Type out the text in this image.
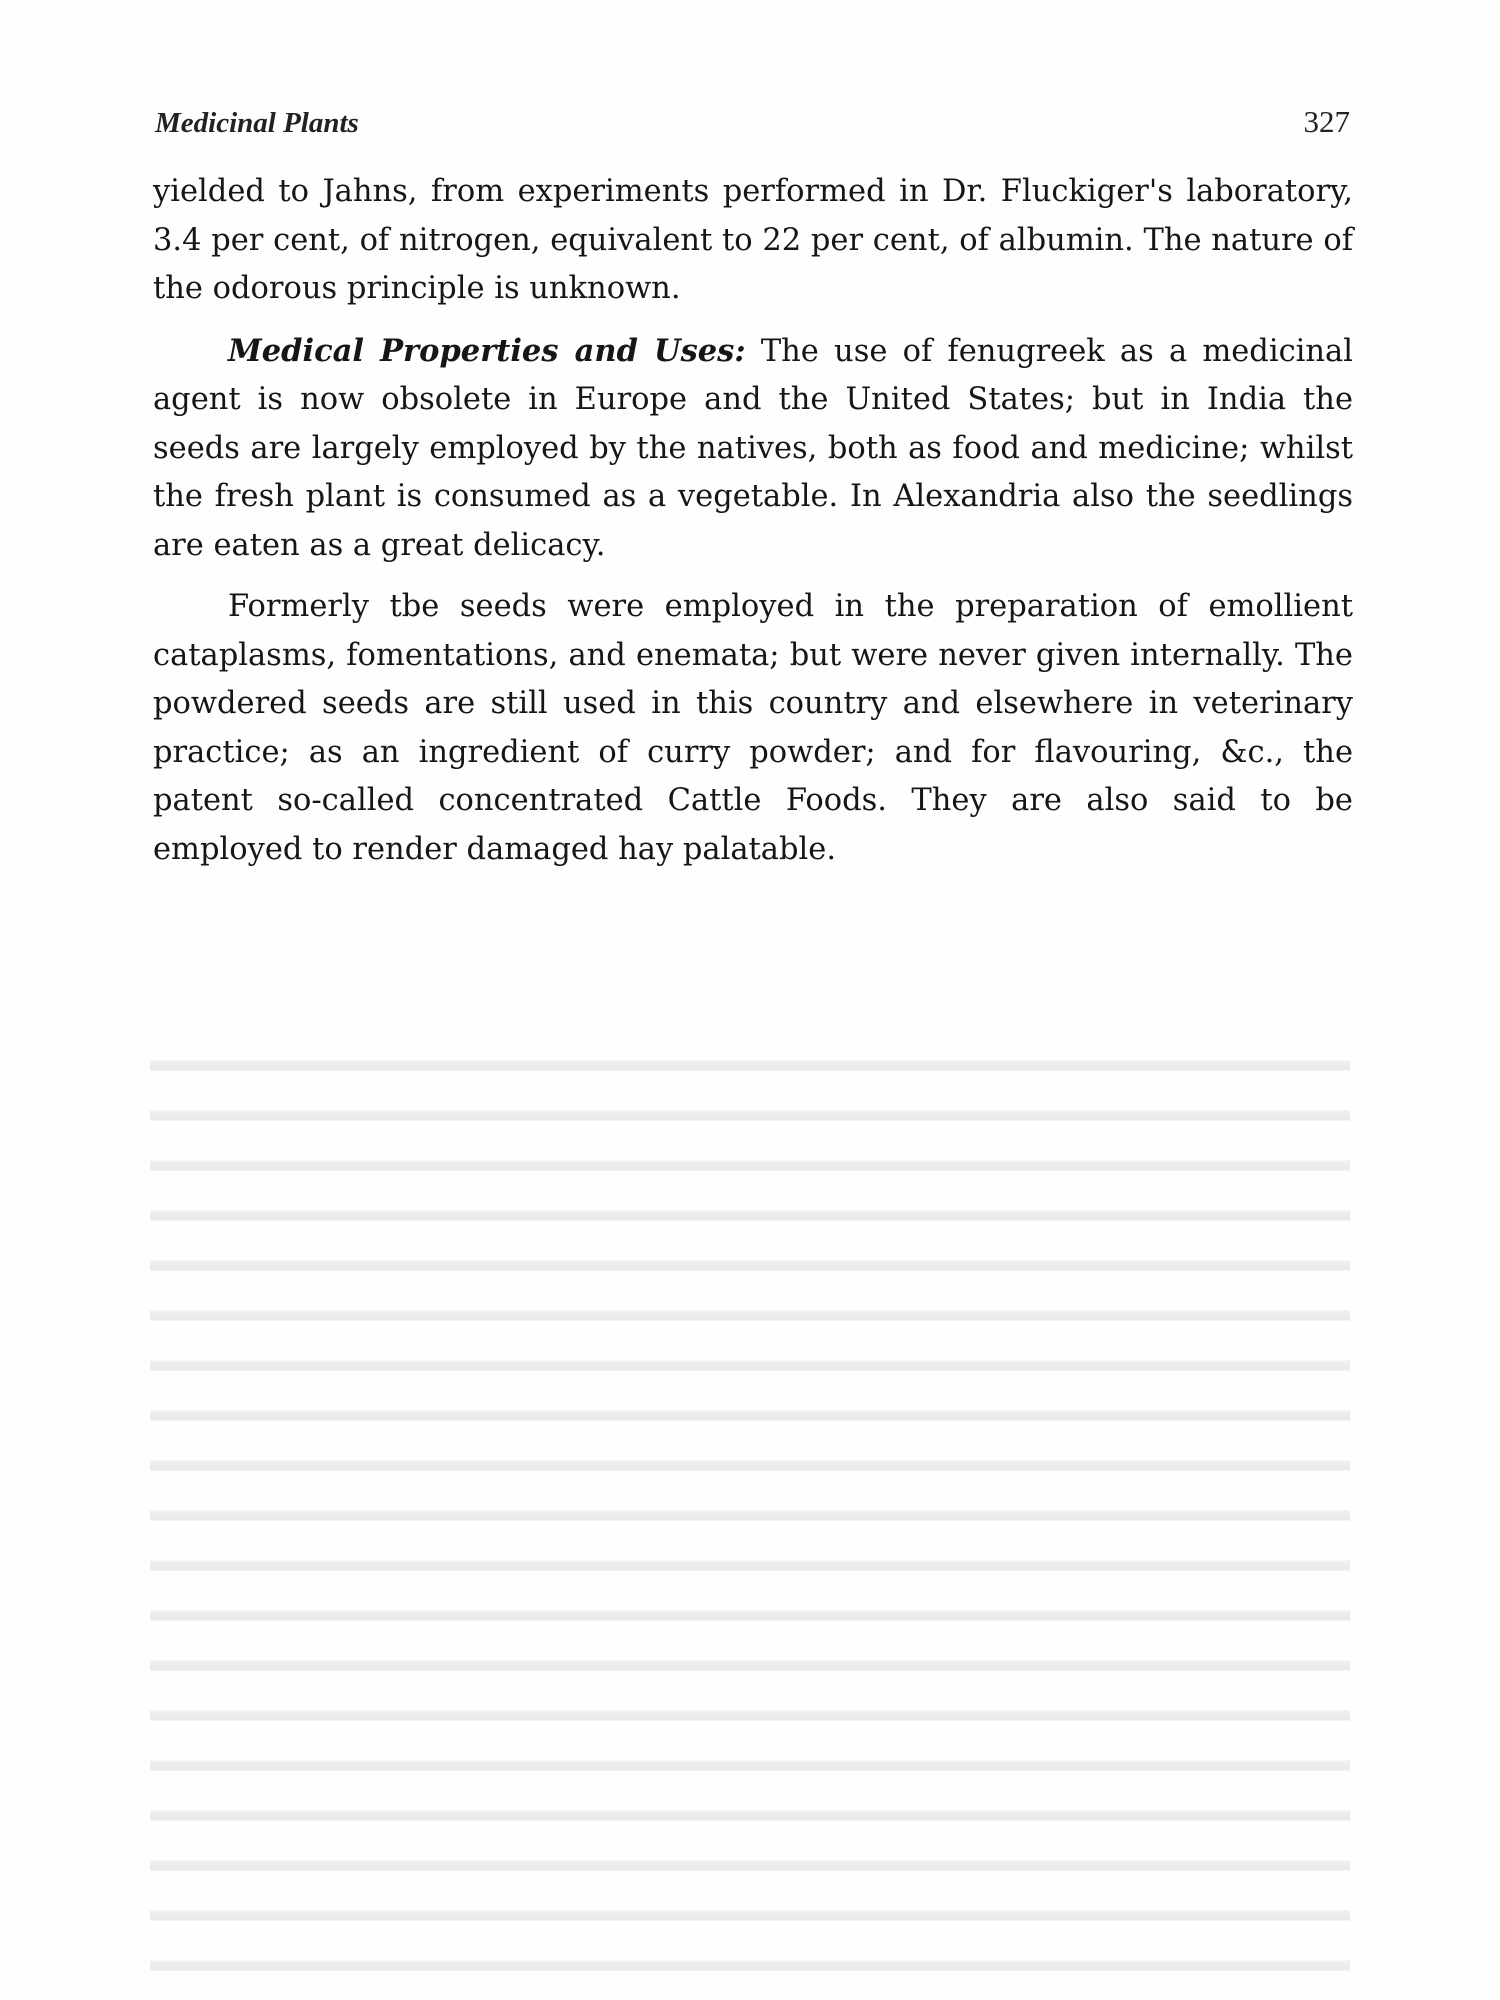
Medicinal Plants	327

yielded to Jahns, from experiments performed in Dr. Fluckiger's laboratory, 3.4 per cent, of nitrogen, equivalent to 22 per cent, of albumin. The nature of the odorous principle is unknown.

Medical Properties and Uses: The use of fenugreek as a medicinal agent is now obsolete in Europe and the United States; but in India the seeds are largely employed by the natives, both as food and medicine; whilst the fresh plant is consumed as a vegetable. In Alexandria also the seedlings are eaten as a great delicacy.

Formerly tbe seeds were employed in the preparation of emollient cataplasms, fomentations, and enemata; but were never given internally. The powdered seeds are still used in this country and elsewhere in veterinary practice; as an ingredient of curry powder; and for flavouring, &c., the patent so-called concentrated Cattle Foods. They are also said to be employed to render damaged hay palatable.
